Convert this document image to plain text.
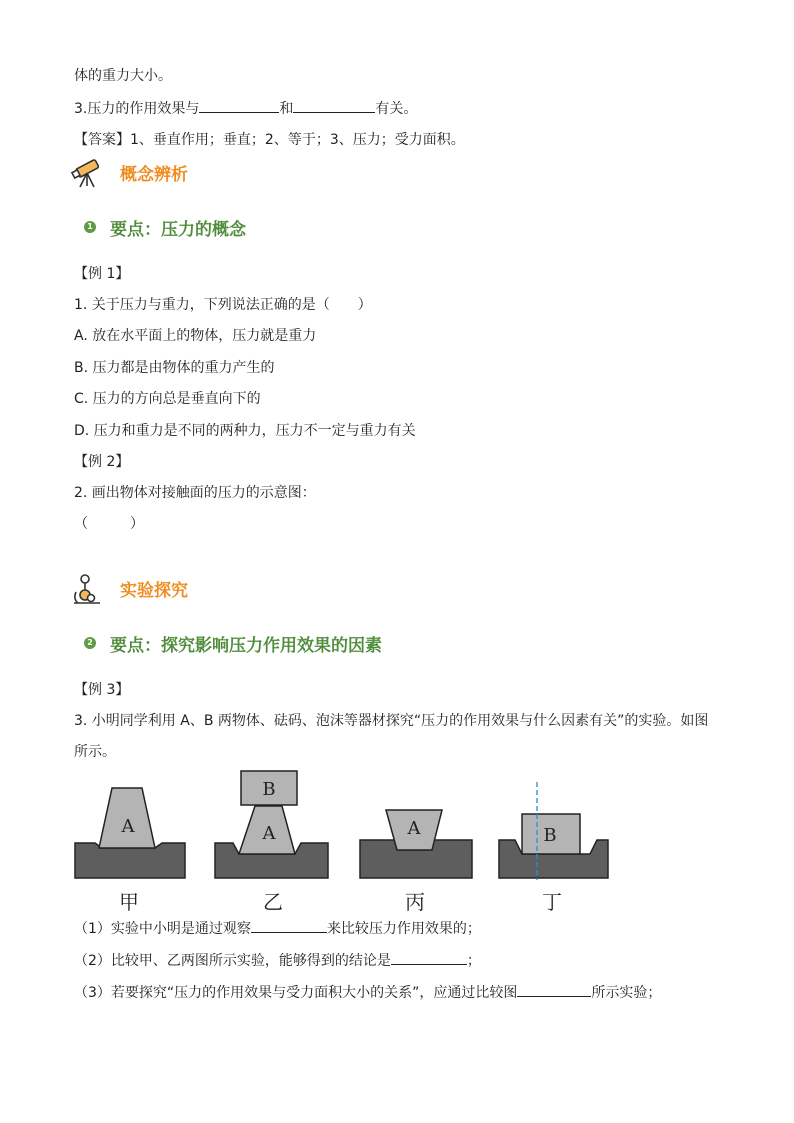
体的重力大小。
3.压力的作用效果与	和	有关。
【答案】1、垂直作用；垂直；2、等于；3、压力；受力面积。
概念辨析
1 要点：压力的概念
【例 1】
1. 关于压力与重力，下列说法正确的是（　　）
A. 放在水平面上的物体，压力就是重力
B. 压力都是由物体的重力产生的
C. 压力的方向总是垂直向下的
D. 压力和重力是不同的两种力，压力不一定与重力有关
【例 2】
2. 画出物体对接触面的压力的示意图：
（　　　）
实验探究
2 要点：探究影响压力作用效果的因素
【例 3】
3. 小明同学利用 A、B 两物体、砝码、泡沫等器材探究“压力的作用效果与什么因素有关”的实验。如图
所示。
A
B
A	A	B
甲	乙	丙	丁
（1）实验中小明是通过观察	来比较压力作用效果的；
（2）比较甲、乙两图所示实验，能够得到的结论是	；
（3）若要探究“压力的作用效果与受力面积大小的关系”，应通过比较图	所示实验；
